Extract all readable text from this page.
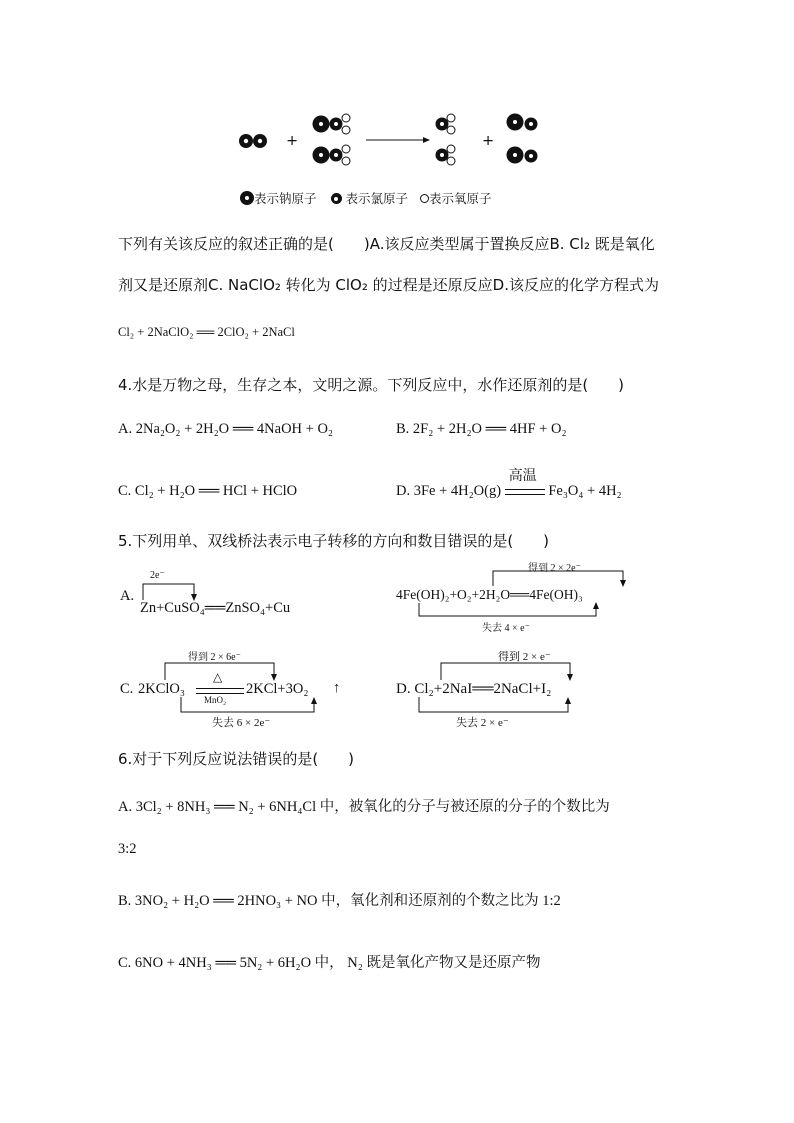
+	+
表示钠原子 表示氯原子 表示氧原子
下列有关该反应的叙述正确的是(　　)A.该反应类型属于置换反应B. Cl₂ 既是氧化
剂又是还原剂C. NaClO₂ 转化为 ClO₂ 的过程是还原反应D.该反应的化学方程式为
Cl₂ + 2NaClO₂ ══ 2ClO₂ + 2NaCl
4.水是万物之母，生存之本，文明之源。下列反应中，水作还原剂的是(　　)
A. 2Na₂O₂ + 2H₂O ══ 4NaOH + O₂	B. 2F₂ + 2H₂O ══ 4HF + O₂
C. Cl₂ + H₂O ══ HCl + HClO	D. 3Fe + 4H₂O(g)
高温
Fe₃O₄ + 4H₂
5.下列用单、双线桥法表示电子转移的方向和数目错误的是(　　)
A.
2e⁻
Zn+CuSO₄══ZnSO₄+Cu
得到 2 × 2e⁻
4Fe(OH)₂+O₂+2H₂O══4Fe(OH)₃
失去 4 × e⁻
得到 2 × 6e⁻
C. 2KClO₃
△
MnO₂
2KCl+3O₂ ↑
失去 6 × 2e⁻
得到 2 × e⁻
D. Cl₂+2NaI══2NaCl+I₂
失去 2 × e⁻
6.对于下列反应说法错误的是(　　)
A. 3Cl₂ + 8NH₃ ══ N₂ + 6NH₄Cl 中，被氧化的分子与被还原的分子的个数比为
3:2
B. 3NO₂ + H₂O ══ 2HNO₃ + NO 中，氧化剂和还原剂的个数之比为 1:2
C. 6NO + 4NH₃ ══ 5N₂ + 6H₂O 中， N₂ 既是氧化产物又是还原产物
